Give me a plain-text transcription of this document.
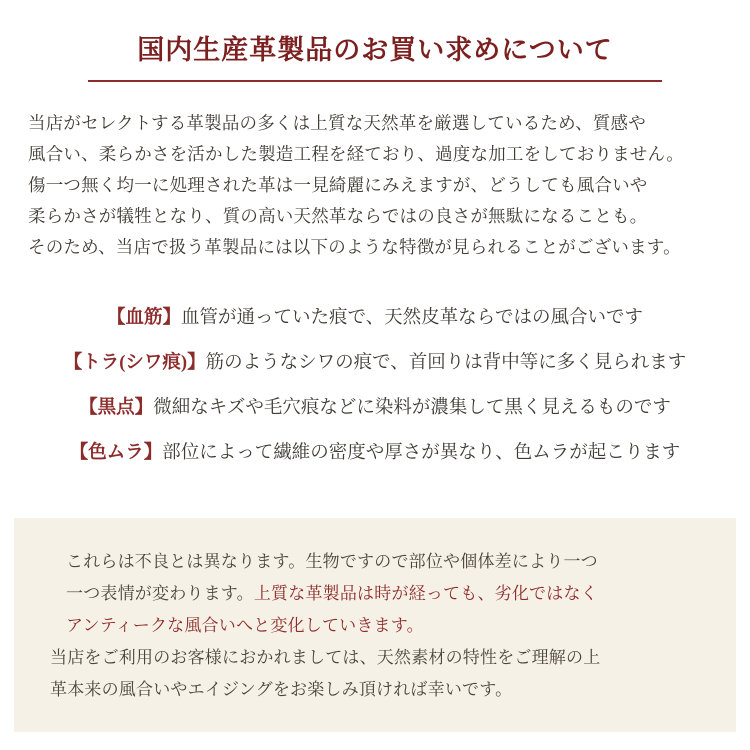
国内生産革製品のお買い求めについて
当店がセレクトする革製品の多くは上質な天然革を厳選しているため、質感や
風合い、柔らかさを活かした製造工程を経ており、過度な加工をしておりません。
傷一つ無く均一に処理された革は一見綺麗にみえますが、どうしても風合いや
柔らかさが犠牲となり、質の高い天然革ならではの良さが無駄になることも。
そのため、当店で扱う革製品には以下のような特徴が見られることがございます。
【血筋】血管が通っていた痕で、天然皮革ならではの風合いです
【トラ(シワ痕)】筋のようなシワの痕で、首回りは背中等に多く見られます
【黒点】微細なキズや毛穴痕などに染料が濃集して黒く見えるものです
【色ムラ】部位によって繊維の密度や厚さが異なり、色ムラが起こります
これらは不良とは異なります。生物ですので部位や個体差により一つ
一つ表情が変わります。上質な革製品は時が経っても、劣化ではなく
アンティークな風合いへと変化していきます。
当店をご利用のお客様におかれましては、天然素材の特性をご理解の上
革本来の風合いやエイジングをお楽しみ頂ければ幸いです。
